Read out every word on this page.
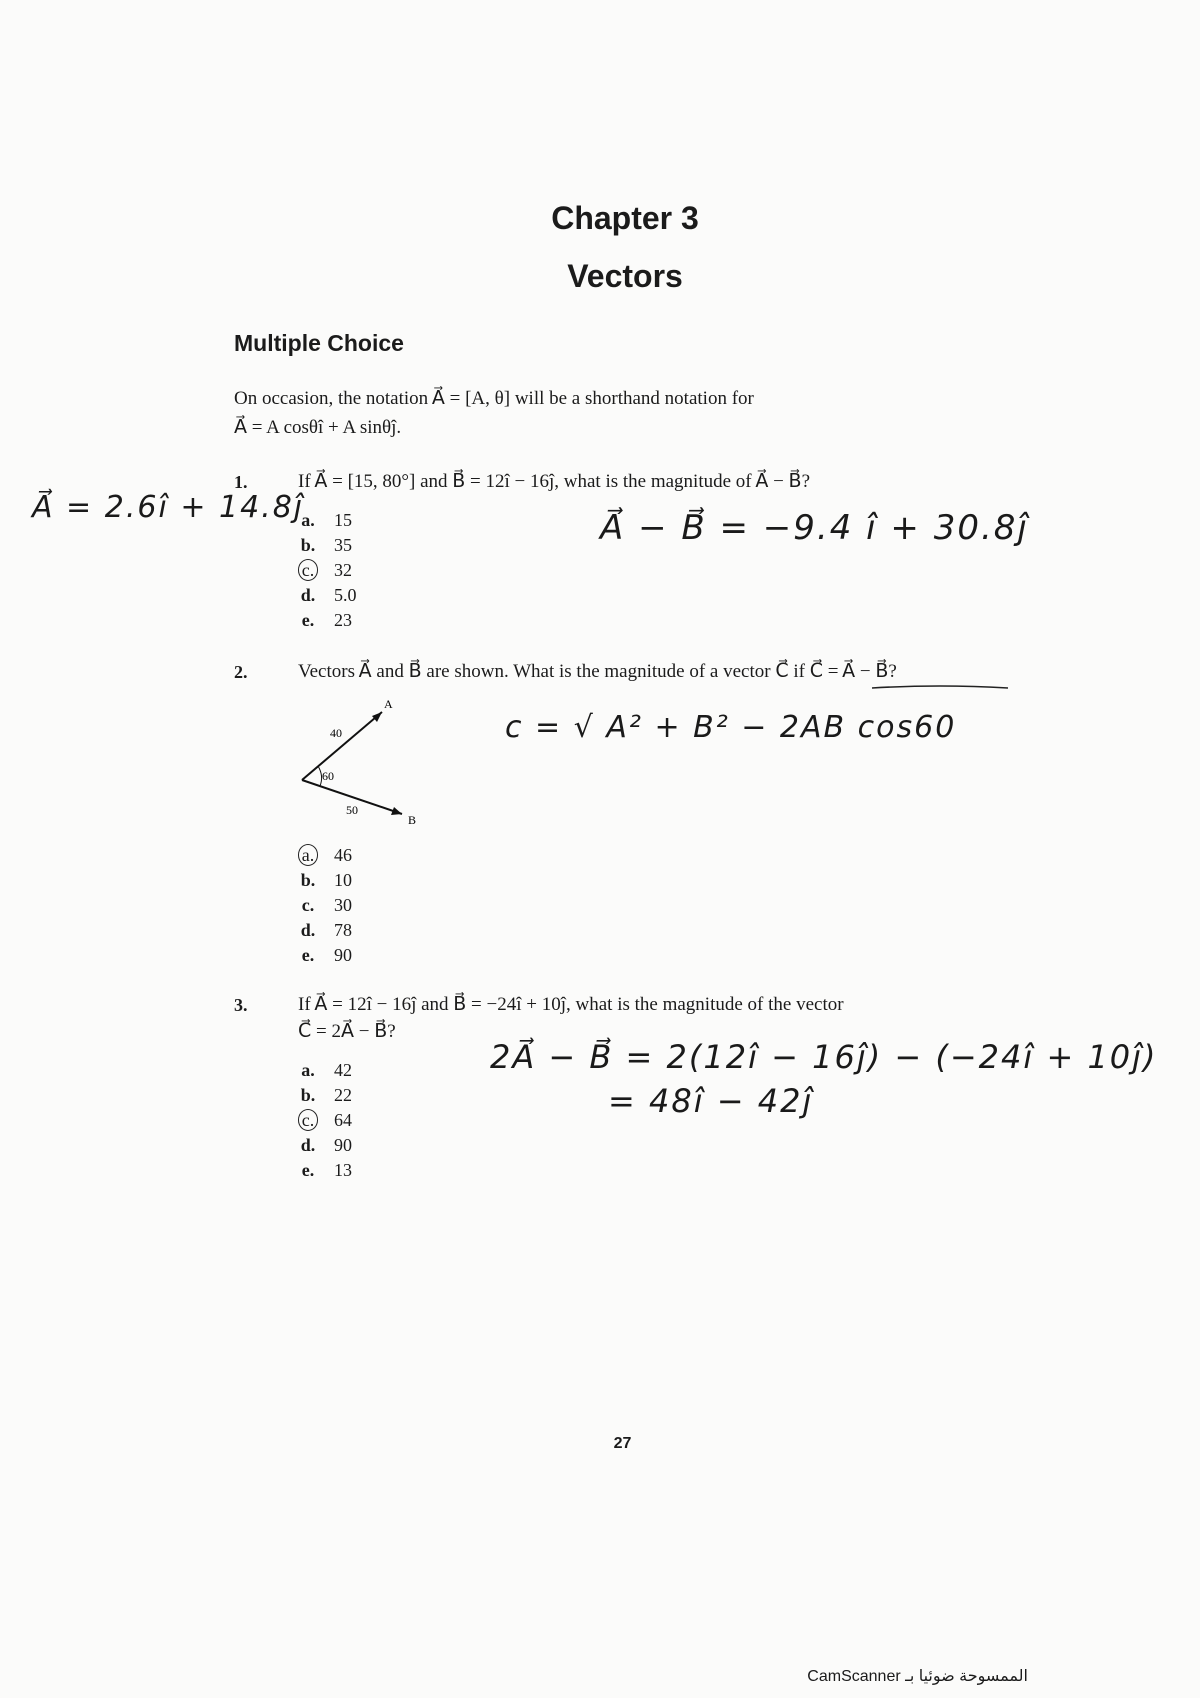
Chapter 3
Vectors
Multiple Choice
On occasion, the notation A⃗ = [A, θ] will be a shorthand notation for
A⃗ = A cosθî + A sinθĵ.
A⃗ = 2.6î + 14.8ĵ
1.	If A⃗ = [15, 80°] and B⃗ = 12î − 16ĵ, what is the magnitude of A⃗ − B⃗?
A⃗ − B⃗ = −9.4 î + 30.8ĵ
a.	15
b.	35
c.	32
d.	5.0
e.	23
2.	Vectors A⃗ and B⃗ are shown. What is the magnitude of a vector C⃗ if C⃗ = A⃗ − B⃗?
A
B
40
50
60
c = √ A² + B² − 2AB cos60
a.	46
b.	10
c.	30
d.	78
e.	90
3.	If A⃗ = 12î − 16ĵ and B⃗ = −24î + 10ĵ, what is the magnitude of the vector
C⃗ = 2A⃗ − B⃗?
2A⃗ − B⃗ = 2(12î − 16ĵ) − (−24î + 10ĵ)
= 48î − 42ĵ
a.	42
b.	22
c.	64
d.	90
e.	13
27
CamScanner الممسوحة ضوئيا بـ
